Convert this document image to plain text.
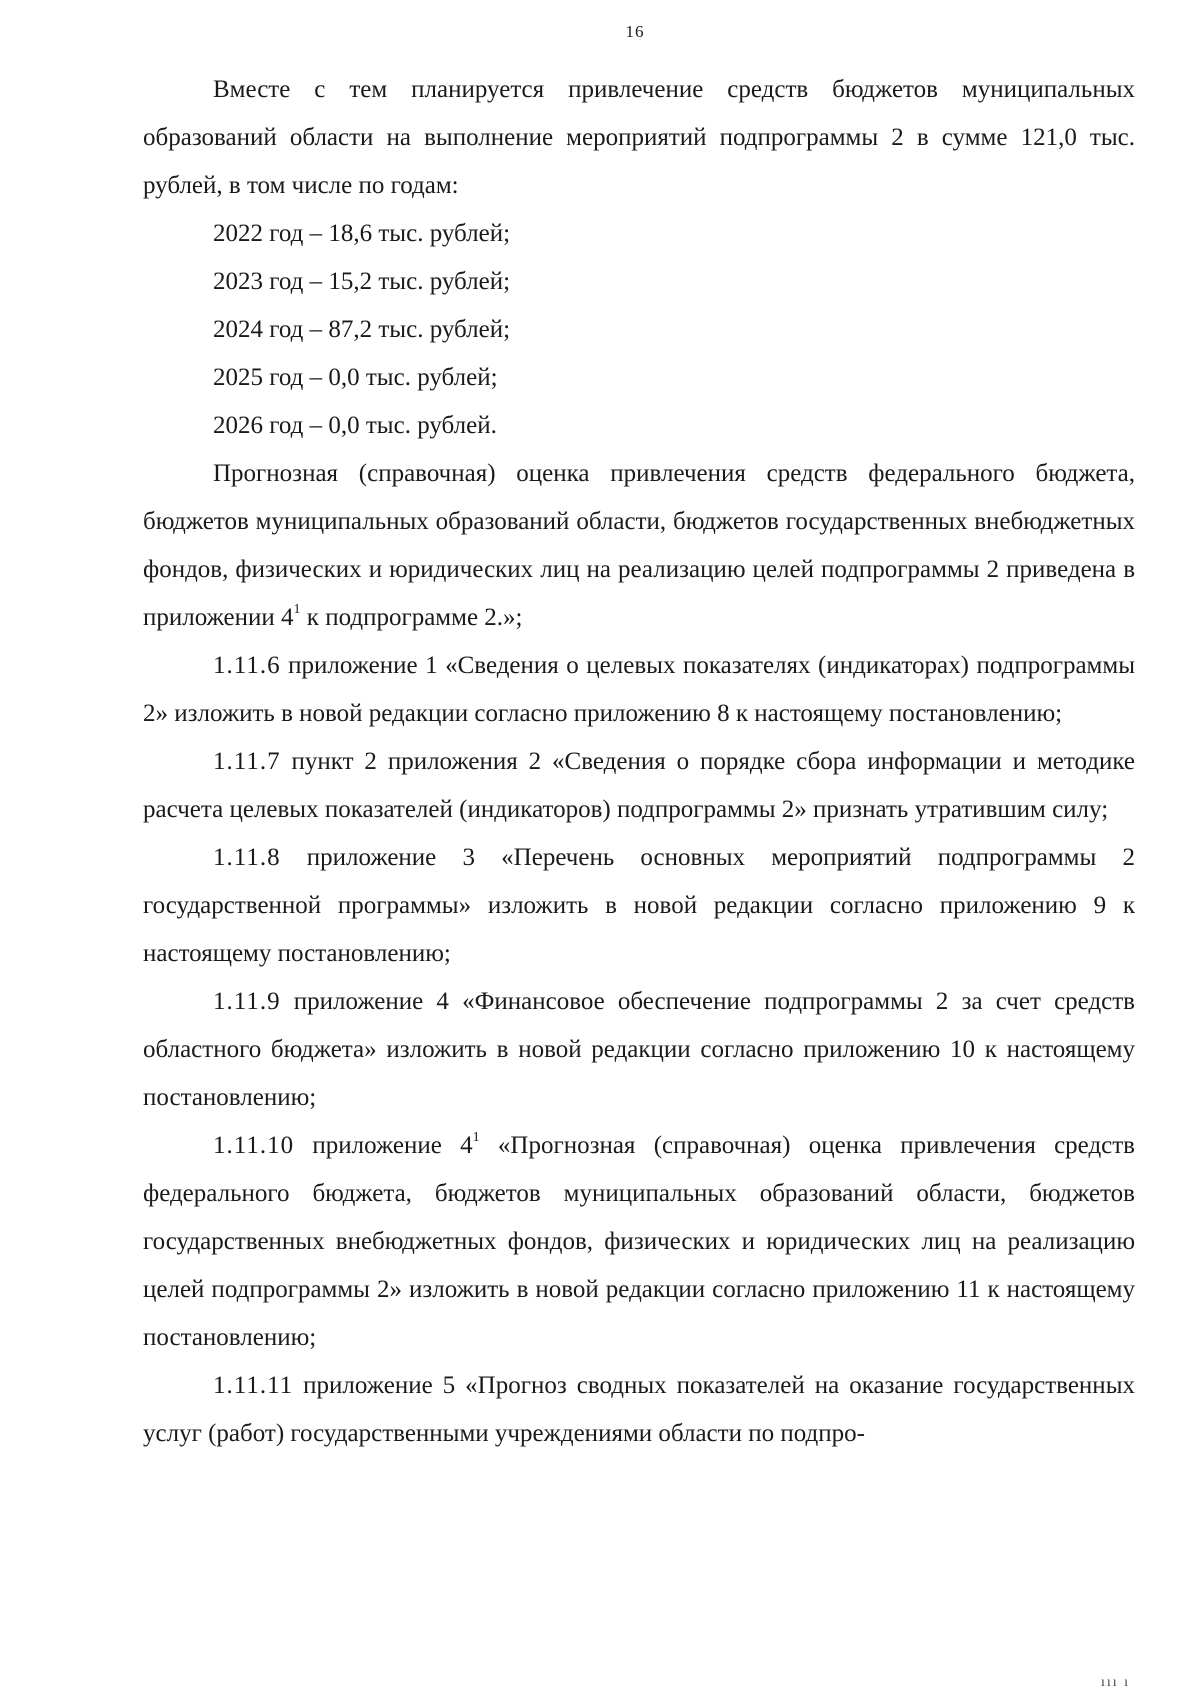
16

Вместе с тем планируется привлечение средств бюджетов муниципальных образований области на выполнение мероприятий подпрограммы 2 в сумме 121,0 тыс. рублей, в том числе по годам:

2022 год – 18,6 тыс. рублей;

2023 год – 15,2 тыс. рублей;

2024 год – 87,2 тыс. рублей;

2025 год – 0,0 тыс. рублей;

2026 год – 0,0 тыс. рублей.

Прогнозная (справочная) оценка привлечения средств федерального бюджета, бюджетов муниципальных образований области, бюджетов государственных внебюджетных фондов, физических и юридических лиц на реализацию целей подпрограммы 2 приведена в приложении $4^1$ к подпрограмме 2.»;

1.11.6 приложение 1 «Сведения о целевых показателях (индикаторах) подпрограммы 2» изложить в новой редакции согласно приложению 8 к настоящему постановлению;

1.11.7 пункт 2 приложения 2 «Сведения о порядке сбора информации и методике расчета целевых показателей (индикаторов) подпрограммы 2» признать утратившим силу;

1.11.8 приложение 3 «Перечень основных мероприятий подпрограммы 2 государственной программы» изложить в новой редакции согласно приложению 9 к настоящему постановлению;

1.11.9 приложение 4 «Финансовое обеспечение подпрограммы 2 за счет средств областного бюджета» изложить в новой редакции согласно приложению 10 к настоящему постановлению;

1.11.10 приложение $4^1$ «Прогнозная (справочная) оценка привлечения средств федерального бюджета, бюджетов муниципальных образований области, бюджетов государственных внебюджетных фондов, физических и юридических лиц на реализацию целей подпрограммы 2» изложить в новой редакции согласно приложению 11 к настоящему постановлению;

1.11.11 приложение 5 «Прогноз сводных показателей на оказание государственных услуг (работ) государственными учреждениями области по подпро-

ııı ı
